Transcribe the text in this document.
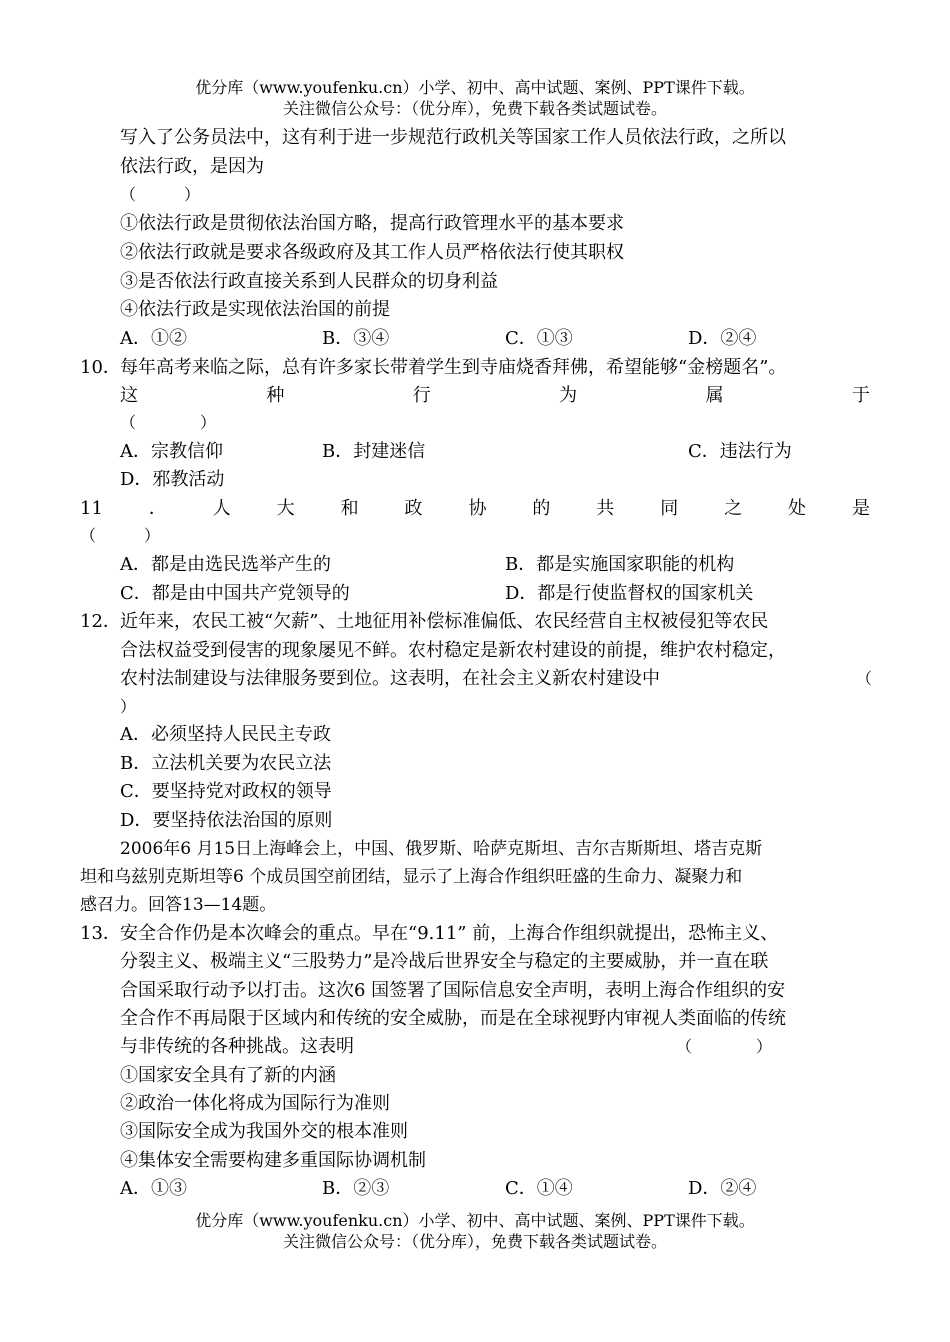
优分库（www.youfenku.cn）小学、初中、高中试题、案例、PPT课件下载。
关注微信公众号：（优分库），免费下载各类试题试卷。
写入了公务员法中，这有利于进一步规范行政机关等国家工作人员依法行政，之所以
依法行政，是因为
（　　　）
①依法行政是贯彻依法治国方略，提高行政管理水平的基本要求
②依法行政就是要求各级政府及其工作人员严格依法行使其职权
③是否依法行政直接关系到人民群众的切身利益
④依法行政是实现依法治国的前提
A．①②	B．③④	C．①③	D．②④
10． 每年高考来临之际，总有许多家长带着学生到寺庙烧香拜佛，希望能够“金榜题名”。
这	种	行	为	属	于
（　　　　）
A．宗教信仰	B．封建迷信	C．违法行为
D．邪教活动
11	．	人	大	和	政	协	的	共	同	之	处	是
（　　　）
A．都是由选民选举产生的	B．都是实施国家职能的机构
C．都是由中国共产党领导的	D．都是行使监督权的国家机关
12． 近年来，农民工被“欠薪”、土地征用补偿标准偏低、农民经营自主权被侵犯等农民
合法权益受到侵害的现象屡见不鲜。农村稳定是新农村建设的前提，维护农村稳定，
农村法制建设与法律服务要到位。这表明，在社会主义新农村建设中	（
）
A．必须坚持人民民主专政
B．立法机关要为农民立法
C．要坚持党对政权的领导
D．要坚持依法治国的原则
2006年6 月15日上海峰会上，中国、俄罗斯、哈萨克斯坦、吉尔吉斯斯坦、塔吉克斯
坦和乌兹别克斯坦等6 个成员国空前团结，显示了上海合作组织旺盛的生命力、凝聚力和
感召力。回答13—14题。
13． 安全合作仍是本次峰会的重点。早在“9.11” 前，上海合作组织就提出，恐怖主义、
分裂主义、极端主义“三股势力”是冷战后世界安全与稳定的主要威胁，并一直在联
合国采取行动予以打击。这次6 国签署了国际信息安全声明，表明上海合作组织的安
全合作不再局限于区域内和传统的安全威胁，而是在全球视野内审视人类面临的传统
与非传统的各种挑战。这表明	（　　　　）
①国家安全具有了新的内涵
②政治一体化将成为国际行为准则
③国际安全成为我国外交的根本准则
④集体安全需要构建多重国际协调机制
A．①③	B．②③	C．①④	D．②④
优分库（www.youfenku.cn）小学、初中、高中试题、案例、PPT课件下载。
关注微信公众号：（优分库），免费下载各类试题试卷。
